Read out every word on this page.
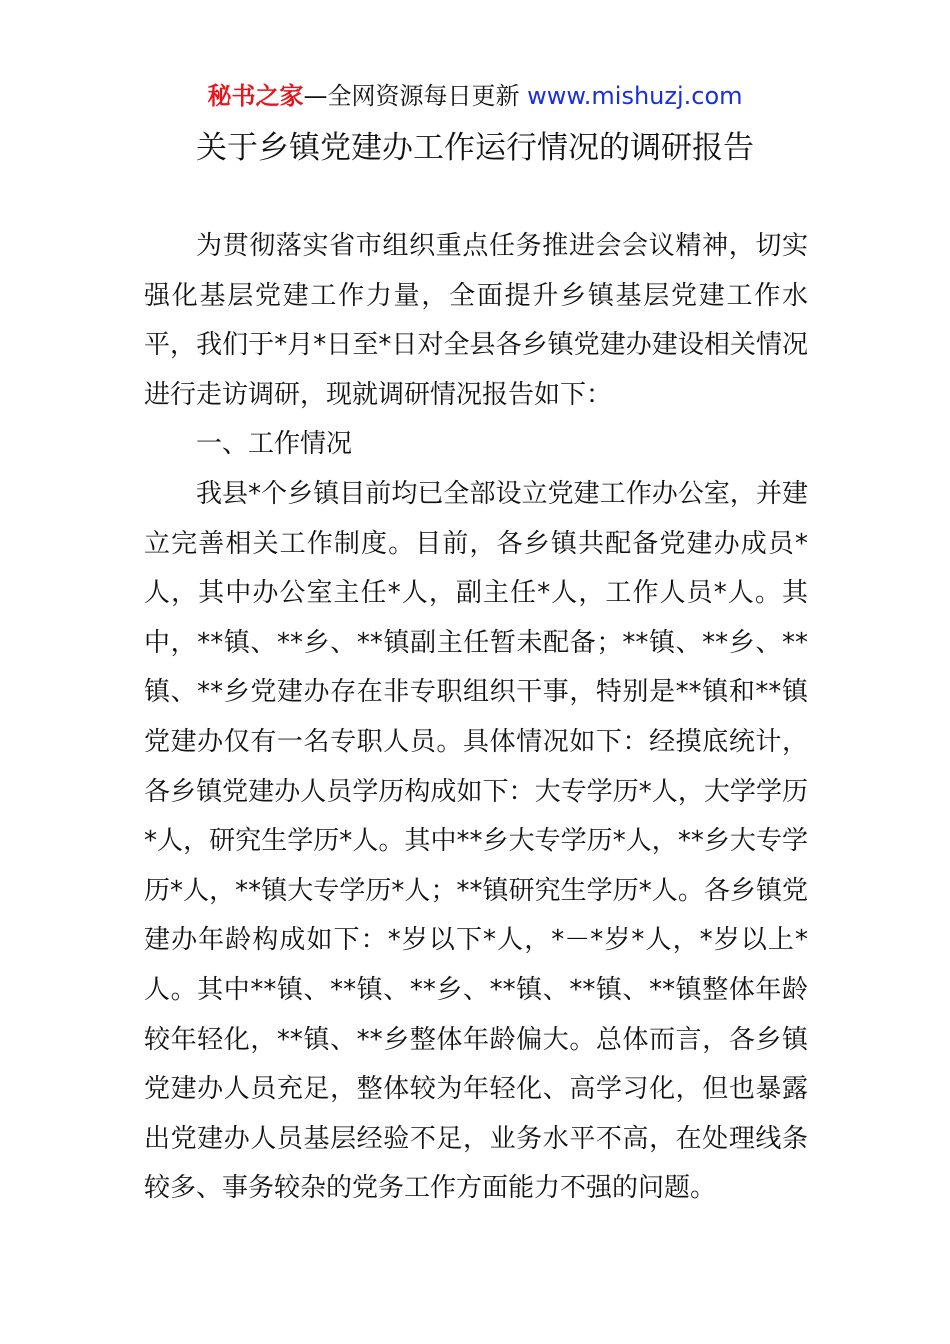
秘书之家—全网资源每日更新 www.mishuzj.com
关于乡镇党建办工作运行情况的调研报告

为贯彻落实省市组织重点任务推进会会议精神，切实强化基层党建工作力量，全面提升乡镇基层党建工作水平，我们于*月*日至*日对全县各乡镇党建办建设相关情况进行走访调研，现就调研情况报告如下：

一、工作情况

我县*个乡镇目前均已全部设立党建工作办公室，并建立完善相关工作制度。目前，各乡镇共配备党建办成员*人，其中办公室主任*人，副主任*人，工作人员*人。其中，**镇、**乡、**镇副主任暂未配备；**镇、**乡、**镇、**乡党建办存在非专职组织干事，特别是**镇和**镇党建办仅有一名专职人员。具体情况如下：经摸底统计，各乡镇党建办人员学历构成如下：大专学历*人，大学学历*人，研究生学历*人。其中**乡大专学历*人，**乡大专学历*人，**镇大专学历*人；**镇研究生学历*人。各乡镇党建办年龄构成如下：*岁以下*人，*－*岁*人，*岁以上*人。其中**镇、**镇、**乡、**镇、**镇、**镇整体年龄较年轻化，**镇、**乡整体年龄偏大。总体而言，各乡镇党建办人员充足，整体较为年轻化、高学习化，但也暴露出党建办人员基层经验不足，业务水平不高，在处理线条较多、事务较杂的党务工作方面能力不强的问题。
